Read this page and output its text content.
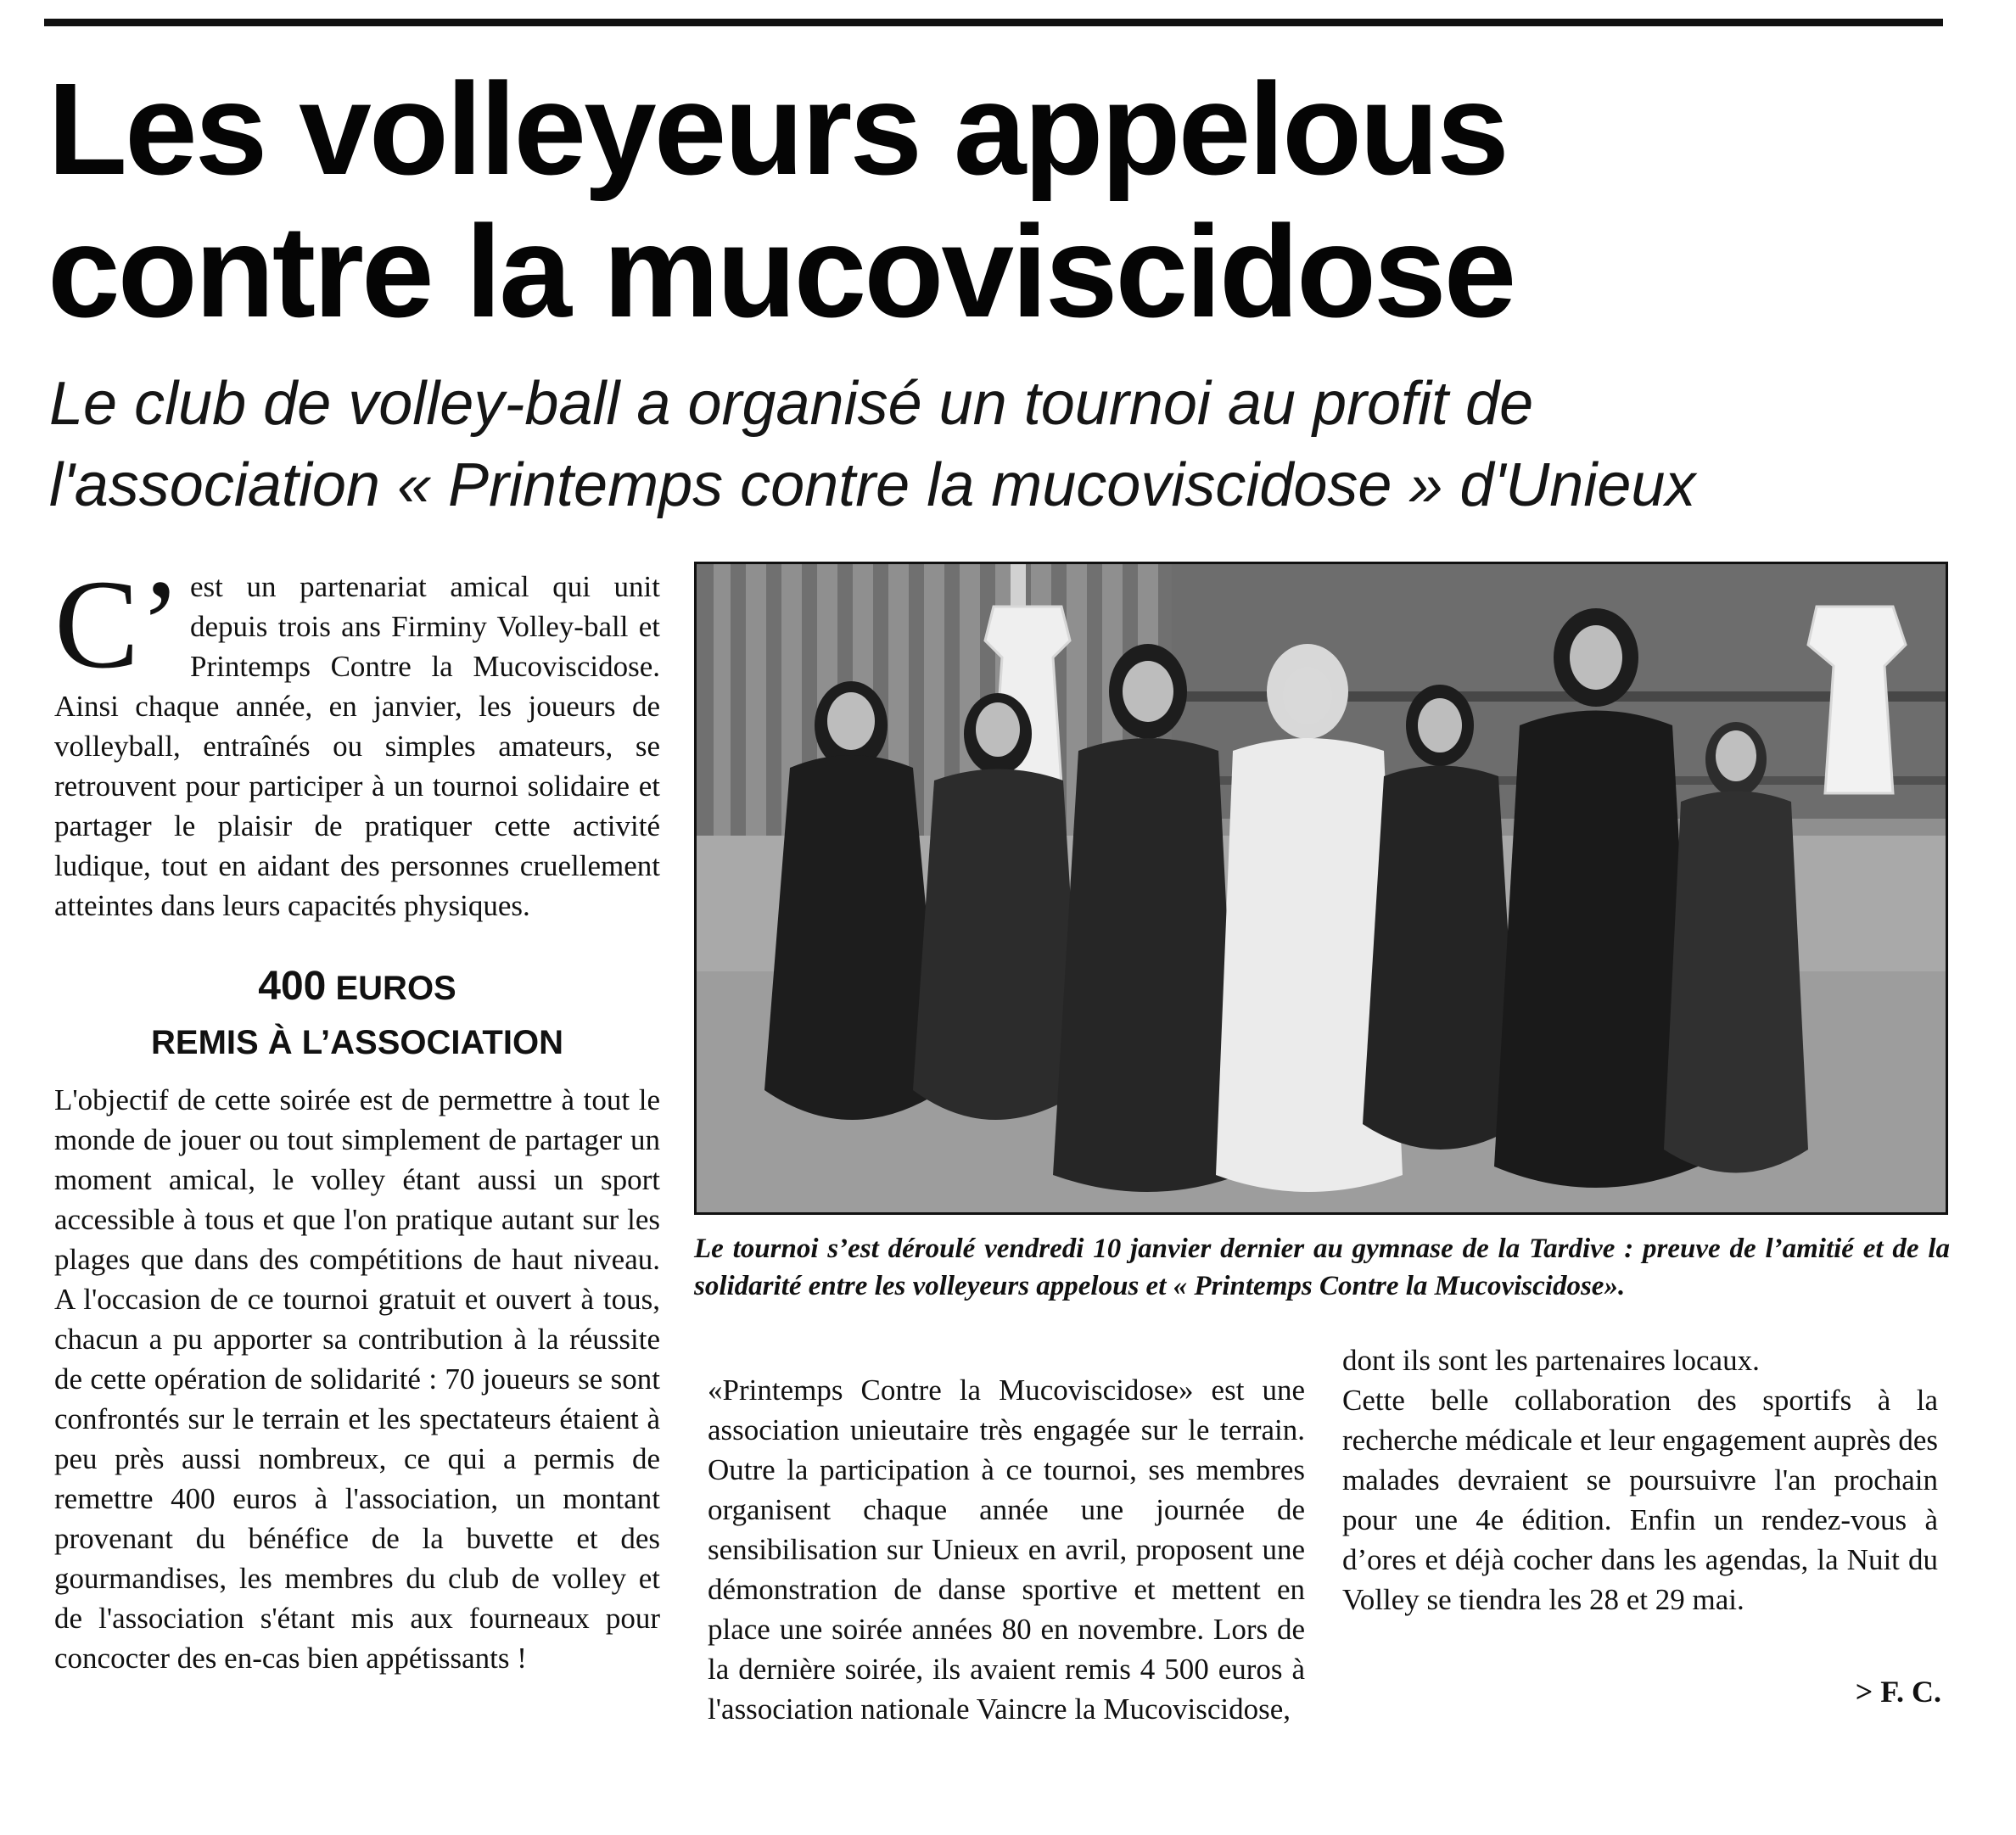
Les volleyeurs appelous
contre la mucoviscidose
Le club de volley-ball a organisé un tournoi au profit de
l'association « Printemps contre la mucoviscidose » d'Unieux
C’ est un partenariat amical qui unit depuis trois ans Firminy Volley-ball et Printemps Contre la Mucoviscidose. Ainsi chaque année, en janvier, les joueurs de volleyball, entraînés ou simples amateurs, se retrouvent pour participer à un tournoi solidaire et partager le plaisir de pratiquer cette activité ludique, tout en aidant des personnes cruellement atteintes dans leurs capacités physiques.

400 EUROS
REMIS À L’ASSOCIATION

L'objectif de cette soirée est de permettre à tout le monde de jouer ou tout simplement de partager un moment amical, le volley étant aussi un sport accessible à tous et que l'on pratique autant sur les plages que dans des compétitions de haut niveau. A l'occasion de ce tournoi gratuit et ouvert à tous, chacun a pu apporter sa contribution à la réussite de cette opération de solidarité : 70 joueurs se sont confrontés sur le terrain et les spectateurs étaient à peu près aussi nombreux, ce qui a permis de remettre 400 euros à l'association, un montant provenant du bénéfice de la buvette et des gourmandises, les membres du club de volley et de l'association s'étant mis aux fourneaux pour concocter des en-cas bien appétissants !

Le tournoi s’est déroulé vendredi 10 janvier dernier au gymnase de la Tardive : preuve de l’amitié et de la solidarité entre les volleyeurs appelous et « Printemps Contre la Mucoviscidose».

«Printemps Contre la Mucoviscidose» est une association unieutaire très engagée sur le terrain. Outre la participation à ce tournoi, ses membres organisent chaque année une journée de sensibilisation sur Unieux en avril, proposent une démonstration de danse sportive et mettent en place une soirée années 80 en novembre. Lors de la dernière soirée, ils avaient remis 4 500 euros à l'association nationale Vaincre la Mucoviscidose,

dont ils sont les partenaires locaux.

Cette belle collaboration des sportifs à la recherche médicale et leur engagement auprès des malades devraient se poursuivre l'an prochain pour une 4e édition. Enfin un rendez-vous à d’ores et déjà cocher dans les agendas, la Nuit du Volley se tiendra les 28 et 29 mai.

> F. C.
